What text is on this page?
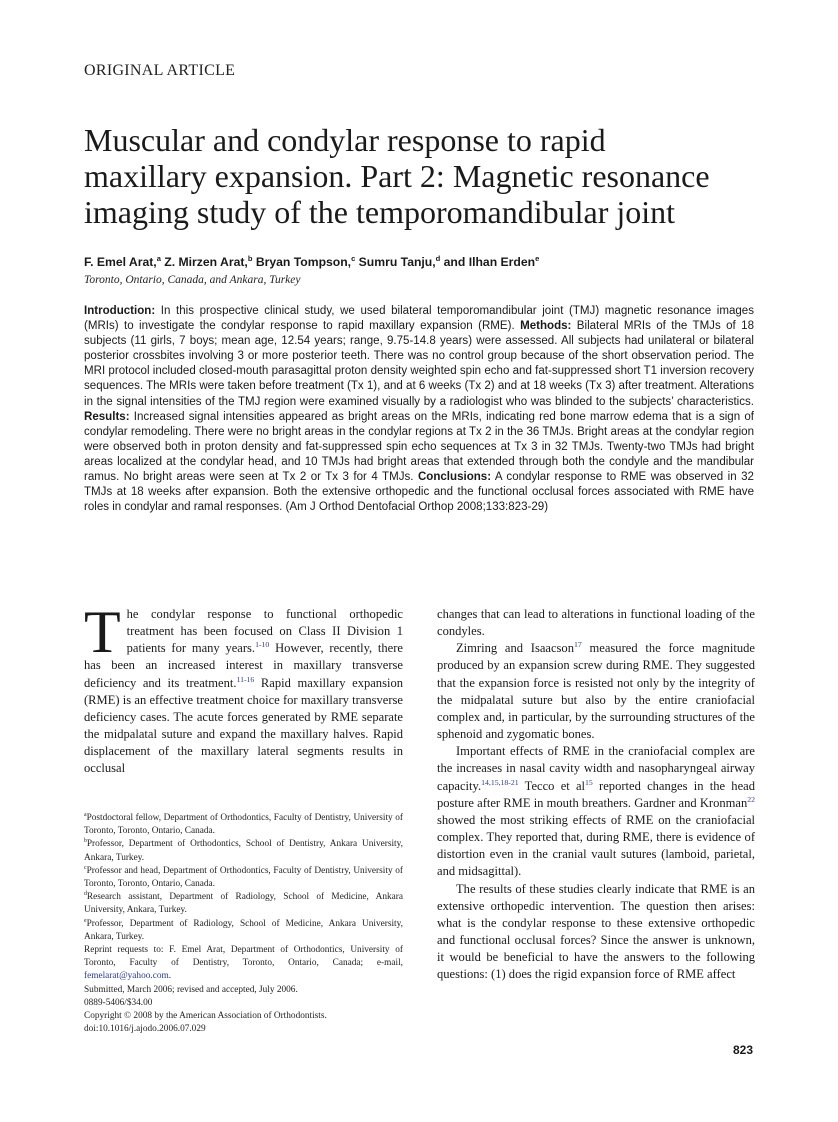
ORIGINAL ARTICLE
Muscular and condylar response to rapid
maxillary expansion. Part 2: Magnetic resonance
imaging study of the temporomandibular joint
F. Emel Arat,$^a$ Z. Mirzen Arat,$^b$ Bryan Tompson,$^c$ Sumru Tanju,$^d$ and Ilhan Erden$^e$
Toronto, Ontario, Canada, and Ankara, Turkey
Introduction: In this prospective clinical study, we used bilateral temporomandibular joint (TMJ) magnetic resonance images (MRIs) to investigate the condylar response to rapid maxillary expansion (RME). Methods: Bilateral MRIs of the TMJs of 18 subjects (11 girls, 7 boys; mean age, 12.54 years; range, 9.75-14.8 years) were assessed. All subjects had unilateral or bilateral posterior crossbites involving 3 or more posterior teeth. There was no control group because of the short observation period. The MRI protocol included closed-mouth parasagittal proton density weighted spin echo and fat-suppressed short T1 inversion recovery sequences. The MRIs were taken before treatment (Tx 1), and at 6 weeks (Tx 2) and at 18 weeks (Tx 3) after treatment. Alterations in the signal intensities of the TMJ region were examined visually by a radiologist who was blinded to the subjects’ characteristics. Results: Increased signal intensities appeared as bright areas on the MRIs, indicating red bone marrow edema that is a sign of condylar remodeling. There were no bright areas in the condylar regions at Tx 2 in the 36 TMJs. Bright areas at the condylar region were observed both in proton density and fat-suppressed spin echo sequences at Tx 3 in 32 TMJs. Twenty-two TMJs had bright areas localized at the condylar head, and 10 TMJs had bright areas that extended through both the condyle and the mandibular ramus. No bright areas were seen at Tx 2 or Tx 3 for 4 TMJs. Conclusions: A condylar response to RME was observed in 32 TMJs at 18 weeks after expansion. Both the extensive orthopedic and the functional occlusal forces associated with RME have roles in condylar and ramal responses. (Am J Orthod Dentofacial Orthop 2008;133:823-29)

The condylar response to functional orthopedic treatment has been focused on Class II Division 1 patients for many years.$^{1-10}$ However, recently, there has been an increased interest in maxillary transverse deficiency and its treatment.$^{11-16}$ Rapid maxillary expansion (RME) is an effective treatment choice for maxillary transverse deficiency cases. The acute forces generated by RME separate the midpalatal suture and expand the maxillary halves. Rapid displacement of the maxillary lateral segments results in occlusal

$^a$Postdoctoral fellow, Department of Orthodontics, Faculty of Dentistry, University of Toronto, Toronto, Ontario, Canada.
$^b$Professor, Department of Orthodontics, School of Dentistry, Ankara University, Ankara, Turkey.
$^c$Professor and head, Department of Orthodontics, Faculty of Dentistry, University of Toronto, Toronto, Ontario, Canada.
$^d$Research assistant, Department of Radiology, School of Medicine, Ankara University, Ankara, Turkey.
$^e$Professor, Department of Radiology, School of Medicine, Ankara University, Ankara, Turkey.
Reprint requests to: F. Emel Arat, Department of Orthodontics, University of Toronto, Faculty of Dentistry, Toronto, Ontario, Canada; e-mail, femelarat@yahoo.com.
Submitted, March 2006; revised and accepted, July 2006.
0889-5406/$34.00
Copyright © 2008 by the American Association of Orthodontists.
doi:10.1016/j.ajodo.2006.07.029

changes that can lead to alterations in functional loading of the condyles.

Zimring and Isaacson$^{17}$ measured the force magnitude produced by an expansion screw during RME. They suggested that the expansion force is resisted not only by the integrity of the midpalatal suture but also by the entire craniofacial complex and, in particular, by the surrounding structures of the sphenoid and zygomatic bones.

Important effects of RME in the craniofacial complex are the increases in nasal cavity width and nasopharyngeal airway capacity.$^{14,15,18-21}$ Tecco et $al^{15}$ reported changes in the head posture after RME in mouth breathers. Gardner and Kronman$^{22}$ showed the most striking effects of RME on the craniofacial complex. They reported that, during RME, there is evidence of distortion even in the cranial vault sutures (lamboid, parietal, and midsagittal).

The results of these studies clearly indicate that RME is an extensive orthopedic intervention. The question then arises: what is the condylar response to these extensive orthopedic and functional occlusal forces? Since the answer is unknown, it would be beneficial to have the answers to the following questions: (1) does the rigid expansion force of RME affect

823
